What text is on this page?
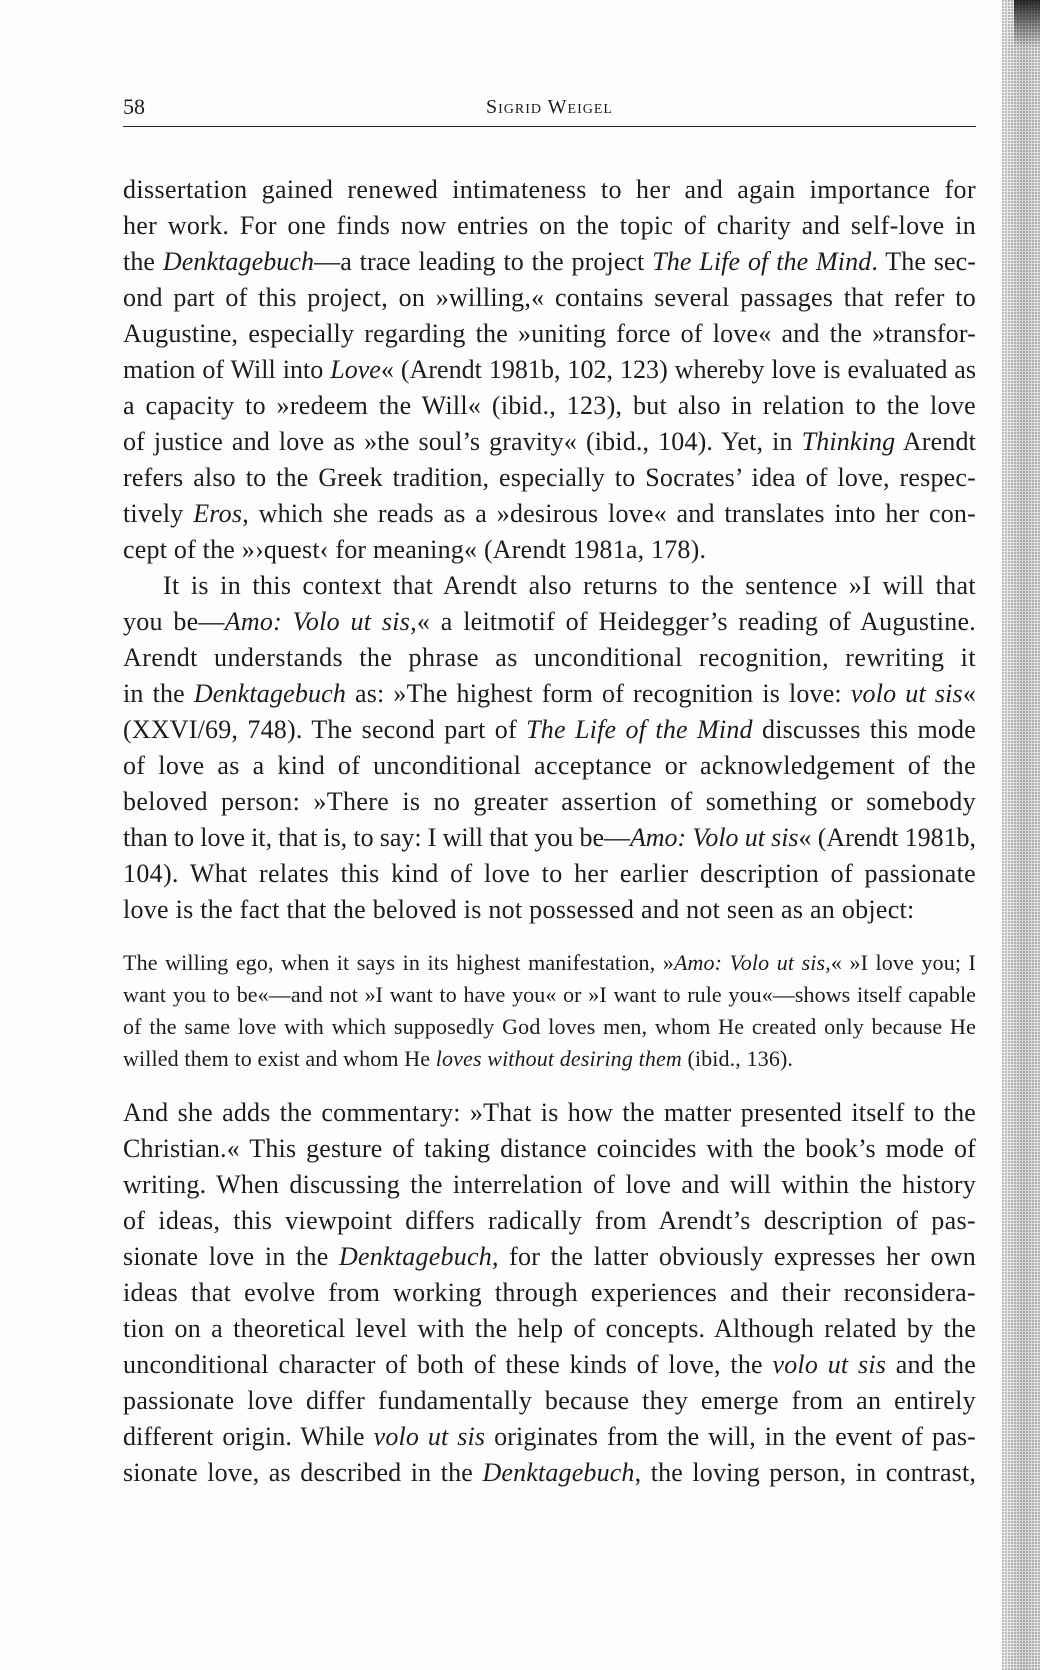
58	Sigrid Weigel
dissertation gained renewed intimateness to her and again importance for
her work. For one finds now entries on the topic of charity and self-love in
the Denktagebuch—a trace leading to the project The Life of the Mind. The sec-
ond part of this project, on »willing,« contains several passages that refer to
Augustine, especially regarding the »uniting force of love« and the »transfor-
mation of Will into Love« (Arendt 1981b, 102, 123) whereby love is evaluated as
a capacity to »redeem the Will« (ibid., 123), but also in relation to the love
of justice and love as »the soul’s gravity« (ibid., 104). Yet, in Thinking Arendt
refers also to the Greek tradition, especially to Socrates’ idea of love, respec-
tively Eros, which she reads as a »desirous love« and translates into her con-
cept of the »›quest‹ for meaning« (Arendt 1981a, 178).
It is in this context that Arendt also returns to the sentence »I will that
you be—Amo: Volo ut sis,« a leitmotif of Heidegger’s reading of Augustine.
Arendt understands the phrase as unconditional recognition, rewriting it
in the Denktagebuch as: »The highest form of recognition is love: volo ut sis«
(XXVI/69, 748). The second part of The Life of the Mind discusses this mode
of love as a kind of unconditional acceptance or acknowledgement of the
beloved person: »There is no greater assertion of something or somebody
than to love it, that is, to say: I will that you be—Amo: Volo ut sis« (Arendt 1981b,
104). What relates this kind of love to her earlier description of passionate
love is the fact that the beloved is not possessed and not seen as an object:
The willing ego, when it says in its highest manifestation, »Amo: Volo ut sis,« »I love you; I
want you to be«—and not »I want to have you« or »I want to rule you«—shows itself capable
of the same love with which supposedly God loves men, whom He created only because He
willed them to exist and whom He loves without desiring them (ibid., 136).
And she adds the commentary: »That is how the matter presented itself to the
Christian.« This gesture of taking distance coincides with the book’s mode of
writing. When discussing the interrelation of love and will within the history
of ideas, this viewpoint differs radically from Arendt’s description of pas-
sionate love in the Denktagebuch, for the latter obviously expresses her own
ideas that evolve from working through experiences and their reconsidera-
tion on a theoretical level with the help of concepts. Although related by the
unconditional character of both of these kinds of love, the volo ut sis and the
passionate love differ fundamentally because they emerge from an entirely
different origin. While volo ut sis originates from the will, in the event of pas-
sionate love, as described in the Denktagebuch, the loving person, in contrast,
